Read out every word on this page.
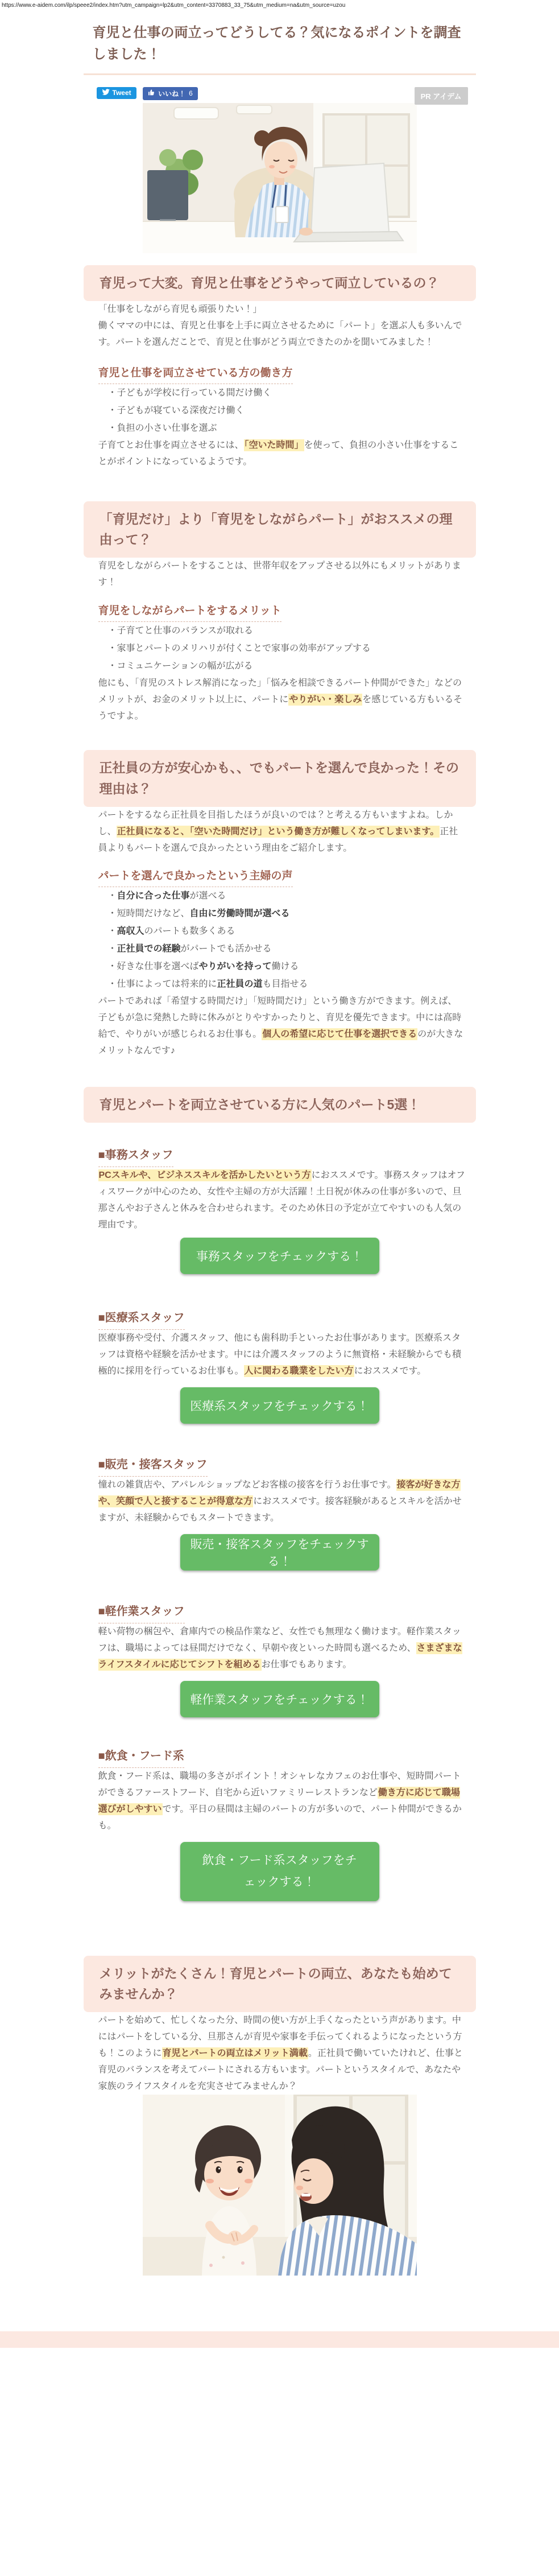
https://www.e-aidem.com/ilp/speee2/index.htm?utm_campaign=lp2&utm_content=3370883_33_75&utm_medium=na&utm_source=uzou
育児と仕事の両立ってどうしてる？気になるポイントを調査しました！
Tweet
	いいね！ 6	PR アイデム
育児って大変。育児と仕事をどうやって両立しているの？

「仕事をしながら育児も頑張りたい！」

働くママの中には、育児と仕事を上手に両立させるために「パート」を選ぶ人も多いんです。パートを選んだことで、育児と仕事がどう両立できたのかを聞いてみました！

育児と仕事を両立させている方の働き方
・子どもが学校に行っている間だけ働く
・子どもが寝ている深夜だけ働く
・負担の小さい仕事を選ぶ

子育てとお仕事を両立させるには、「空いた時間」を使って、負担の小さい仕事をすることがポイントになっているようです。

「育児だけ」より「育児をしながらパート」がおススメの理由って？

育児をしながらパートをすることは、世帯年収をアップさせる以外にもメリットがあります！

育児をしながらパートをするメリット
・子育てと仕事のバランスが取れる
・家事とパートのメリハリが付くことで家事の効率がアップする
・コミュニケーションの幅が広がる

他にも、「育児のストレス解消になった」「悩みを相談できるパート仲間ができた」などのメリットが、お金のメリット以上に、パートにやりがい・楽しみを感じている方もいるそうですよ。

正社員の方が安心かも、、でもパートを選んで良かった！その理由は？

パートをするなら正社員を目指したほうが良いのでは？と考える方もいますよね。しかし、正社員になると、「空いた時間だけ」という働き方が難しくなってしまいます。正社員よりもパートを選んで良かったという理由をご紹介します。

パートを選んで良かったという主婦の声
・自分に合った仕事が選べる
・短時間だけなど、自由に労働時間が選べる
・高収入のパートも数多くある
・正社員での経験がパートでも活かせる
・好きな仕事を選べばやりがいを持って働ける
・仕事によっては将来的に正社員の道も目指せる

パートであれば「希望する時間だけ」「短時間だけ」という働き方ができます。例えば、子どもが急に発熱した時に休みがとりやすかったりと、育児を優先できます。中には高時給で、やりがいが感じられるお仕事も。個人の希望に応じて仕事を選択できるのが大きなメリットなんです♪

育児とパートを両立させている方に人気のパート5選！
■事務スタッフ

PCスキルや、ビジネススキルを活かしたいという方におススメです。事務スタッフはオフィスワークが中心のため、女性や主婦の方が大活躍！土日祝が休みの仕事が多いので、旦那さんやお子さんと休みを合わせられます。そのため休日の予定が立てやすいのも人気の理由です。

事務スタッフをチェックする！
■医療系スタッフ

医療事務や受付、介護スタッフ、他にも歯科助手といったお仕事があります。医療系スタッフは資格や経験を活かせます。中には介護スタッフのように無資格・未経験からでも積極的に採用を行っているお仕事も。人に関わる職業をしたい方におススメです。

医療系スタッフをチェックする！
■販売・接客スタッフ

憧れの雑貨店や、アパレルショップなどお客様の接客を行うお仕事です。接客が好きな方や、笑顔で人と接することが得意な方におススメです。接客経験があるとスキルを活かせますが、未経験からでもスタートできます。

販売・接客スタッフをチェックする！
■軽作業スタッフ

軽い荷物の梱包や、倉庫内での検品作業など、女性でも無理なく働けます。軽作業スタッフは、職場によっては昼間だけでなく、早朝や夜といった時間も選べるため、さまざまなライフスタイルに応じてシフトを組めるお仕事でもあります。

軽作業スタッフをチェックする！
■飲食・フード系

飲食・フード系は、職場の多さがポイント！オシャレなカフェのお仕事や、短時間パートができるファーストフード、自宅から近いファミリーレストランなど働き方に応じて職場選びがしやすいです。平日の昼間は主婦のパートの方が多いので、パート仲間ができるかも。

飲食・フード系スタッフをチェックする！
メリットがたくさん！育児とパートの両立、あなたも始めてみませんか？

パートを始めて、忙しくなった分、時間の使い方が上手くなったという声があります。中にはパートをしている分、旦那さんが育児や家事を手伝ってくれるようになったという方も！このように育児とパートの両立はメリット満載。正社員で働いていたけれど、仕事と育児のバランスを考えてパートにされる方もいます。パートというスタイルで、あなたや家族のライフスタイルを充実させてみませんか？
